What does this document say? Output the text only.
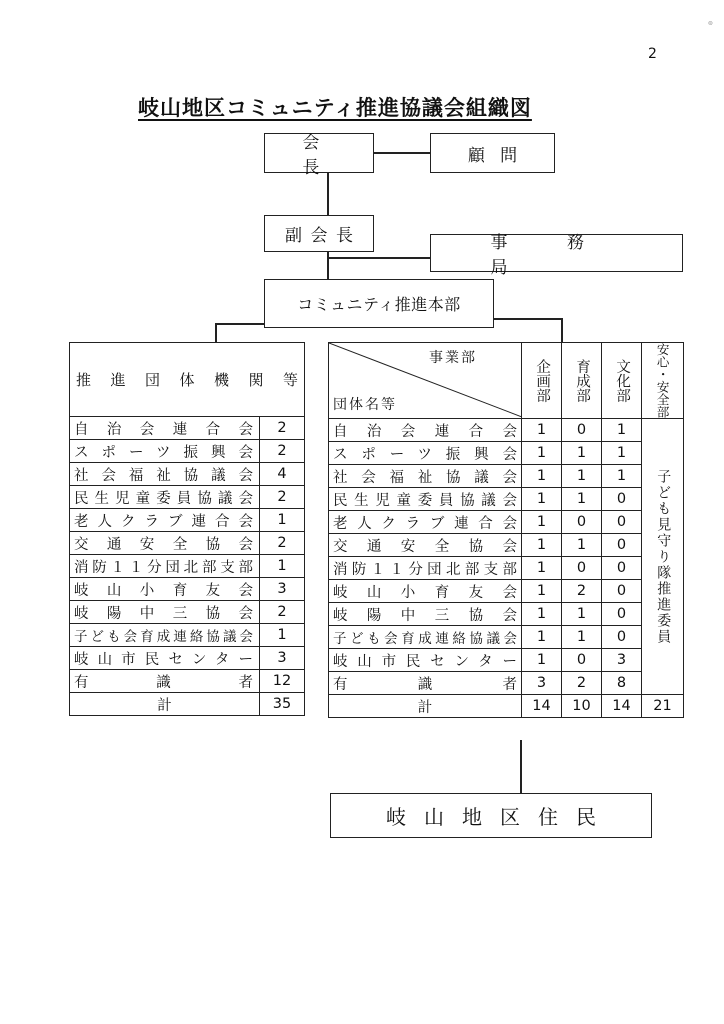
๏
2
岐山地区コミュニティ推進協議会組織図
会長
顧問
副会長	事務局
コミュニティ推進本部
岐山地区住民
推進団体機関等	

自治会連合会	2
スポーツ振興会	2
社会福祉協議会	4
民生児童委員協議会	2
老人クラブ連合会	1
交通安全協会	2
消防１１分団北部支部	1
岐山小育友会	3
岐陽中三協会	2
子ども会育成連絡協議会	1
岐山市民センター	3
有識者	12
計	35
事業部
団体名等	企画部	育成部	文化部	安心・安全部

自治会連合会	1	0	1	子ども見守り隊推進委員

スポーツ振興会	1	1	1	
社会福祉協議会	1	1	1	
民生児童委員協議会	1	1	0	
老人クラブ連合会	1	0	0	
交通安全協会	1	1	0	
消防１１分団北部支部	1	0	0	
岐山小育友会	1	2	0	
岐陽中三協会	1	1	0	
子ども会育成連絡協議会	1	1	0	
岐山市民センター	1	0	3	
有識者	3	2	8	
計	14	10	14	21
